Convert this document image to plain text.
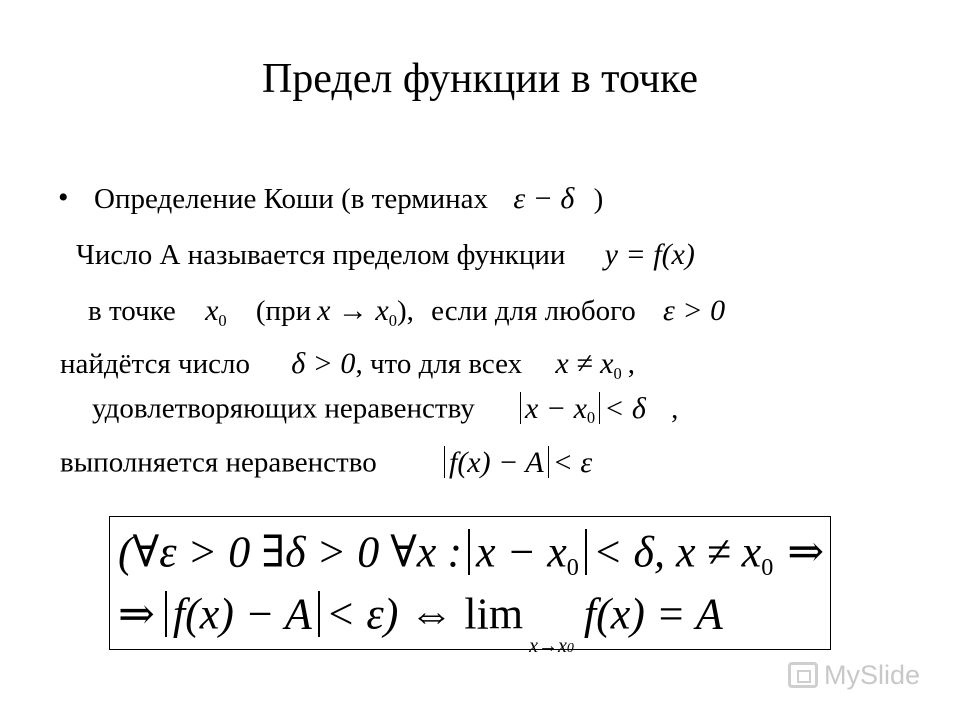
Предел функции в точке
• Определение Коши (в терминах ε − δ )
Число А называется пределом функции y = f(x)
в точке x0 (при x → x0), если для любого ε > 0
найдётся число δ > 0, что для всех x ≠ x0 ,
удовлетворяющих неравенству x − x0 < δ ,
выполняется неравенство f(x) − A < ε
(∀ε > 0 ∃δ > 0 ∀x : x − x0 < δ, x ≠ x0 ⇒
⇒ f(x) − A < ε) ⇔ $\lim_{x\to x0}f(x) = A$
MySlide
